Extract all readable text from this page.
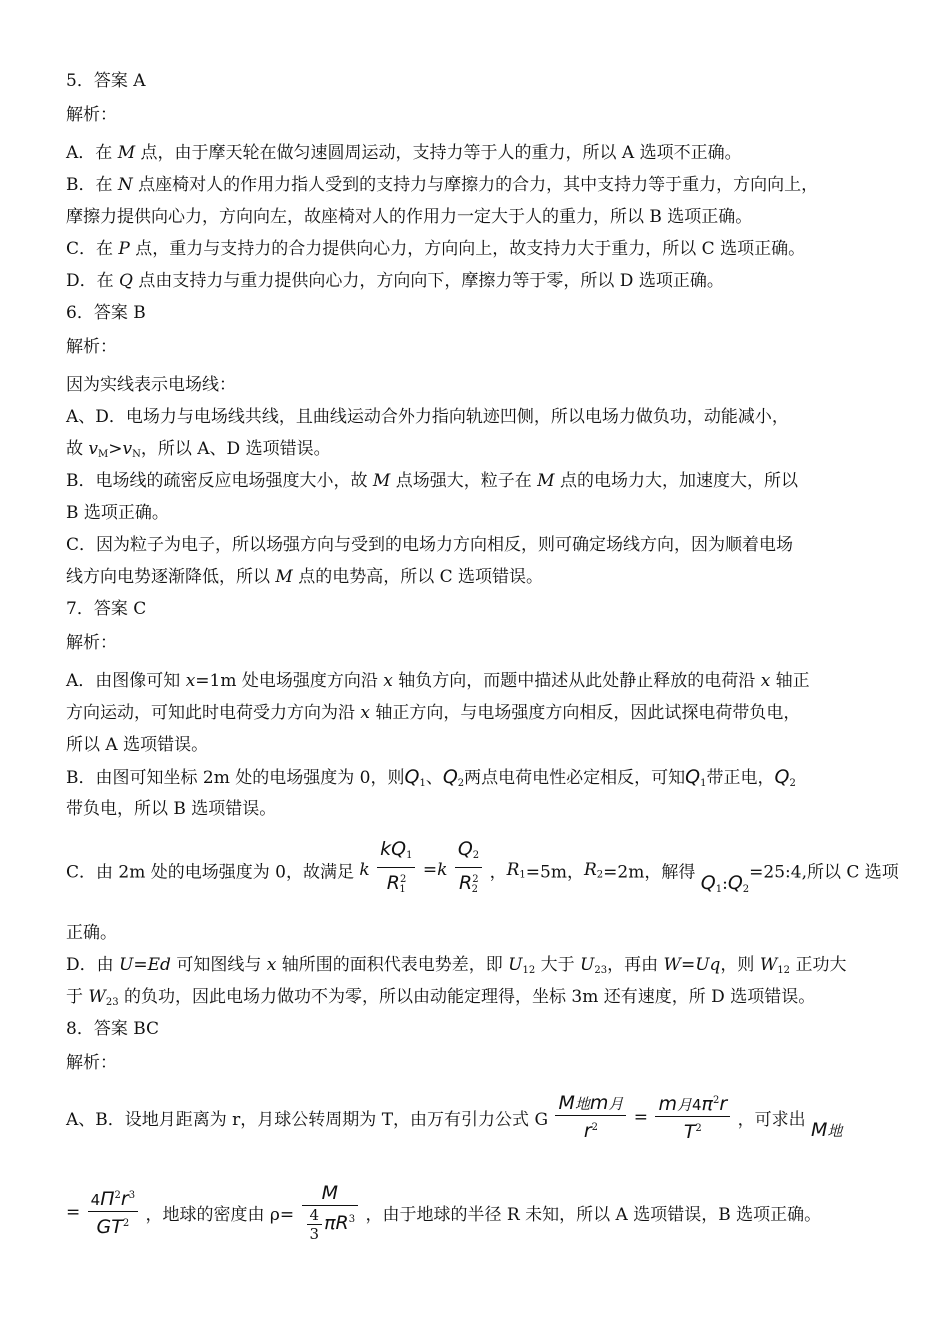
5．答案 A
解析：
A．在 M 点，由于摩天轮在做匀速圆周运动，支持力等于人的重力，所以 A 选项不正确。
B．在 N 点座椅对人的作用力指人受到的支持力与摩擦力的合力，其中支持力等于重力，方向向上，
摩擦力提供向心力，方向向左，故座椅对人的作用力一定大于人的重力，所以 B 选项正确。
C．在 P 点，重力与支持力的合力提供向心力，方向向上，故支持力大于重力，所以 C 选项正确。
D．在 Q 点由支持力与重力提供向心力，方向向下，摩擦力等于零，所以 D 选项正确。
6．答案 B
解析：
因为实线表示电场线：
A、D．电场力与电场线共线，且曲线运动合外力指向轨迹凹侧，所以电场力做负功，动能减小，
故 $v_M>v_N$，所以 A、D 选项错误。
B．电场线的疏密反应电场强度大小，故 M 点场强大，粒子在 M 点的电场力大，加速度大，所以
B 选项正确。
C．因为粒子为电子，所以场强方向与受到的电场力方向相反，则可确定场线方向，因为顺着电场
线方向电势逐渐降低，所以 M 点的电势高，所以 C 选项错误。
7．答案 C
解析：
A．由图像可知 x=1m 处电场强度方向沿 x 轴负方向，而题中描述从此处静止释放的电荷沿 x 轴正
方向运动，可知此时电荷受力方向为沿 x 轴正方向，与电场强度方向相反，因此试探电荷带负电，
所以 A 选项错误。
B．由图可知坐标 2m 处的电场强度为 0，则$Q_1$、$Q_2$两点电荷电性必定相反，可知$Q_1$带正电，$Q_2$
带负电，所以 B 选项错误。
C．由 2m 处的电场强度为 0，故满足 k $\frac{kQ_1}{R^2_1} =k \frac{Q_2}{R^2_2}$ ，$R_1=5m$，$R_2=2m$，解得 $Q_1:Q_2=25:4$,所以 C 选项
正确。
D．由 U=Ed 可知图线与 x 轴所围的面积代表电势差，即 $U_{12}$ 大于 $U_{23}$，再由 W=Uq，则 $W_{12}$ 正功大
于 $W_{23}$ 的负功，因此电场力做功不为零，所以由动能定理得，坐标 3m 还有速度，所 D 选项错误。
8．答案 BC
解析：
A、B．设地月距离为 r，月球公转周期为 T，由万有引力公式 G $\frac{\text{M地m月}}{r^2} = \frac{m月4\pi^2r}{T^2}$ ，可求出 M地
= $\frac{4\Pi^2r^3}{GT^2}$ ，地球的密度由 $\rho= \frac{M}{\frac{4}{3} \pi R^3}$ ，由于地球的半径 R 未知，所以 A 选项错误，B 选项正确。
